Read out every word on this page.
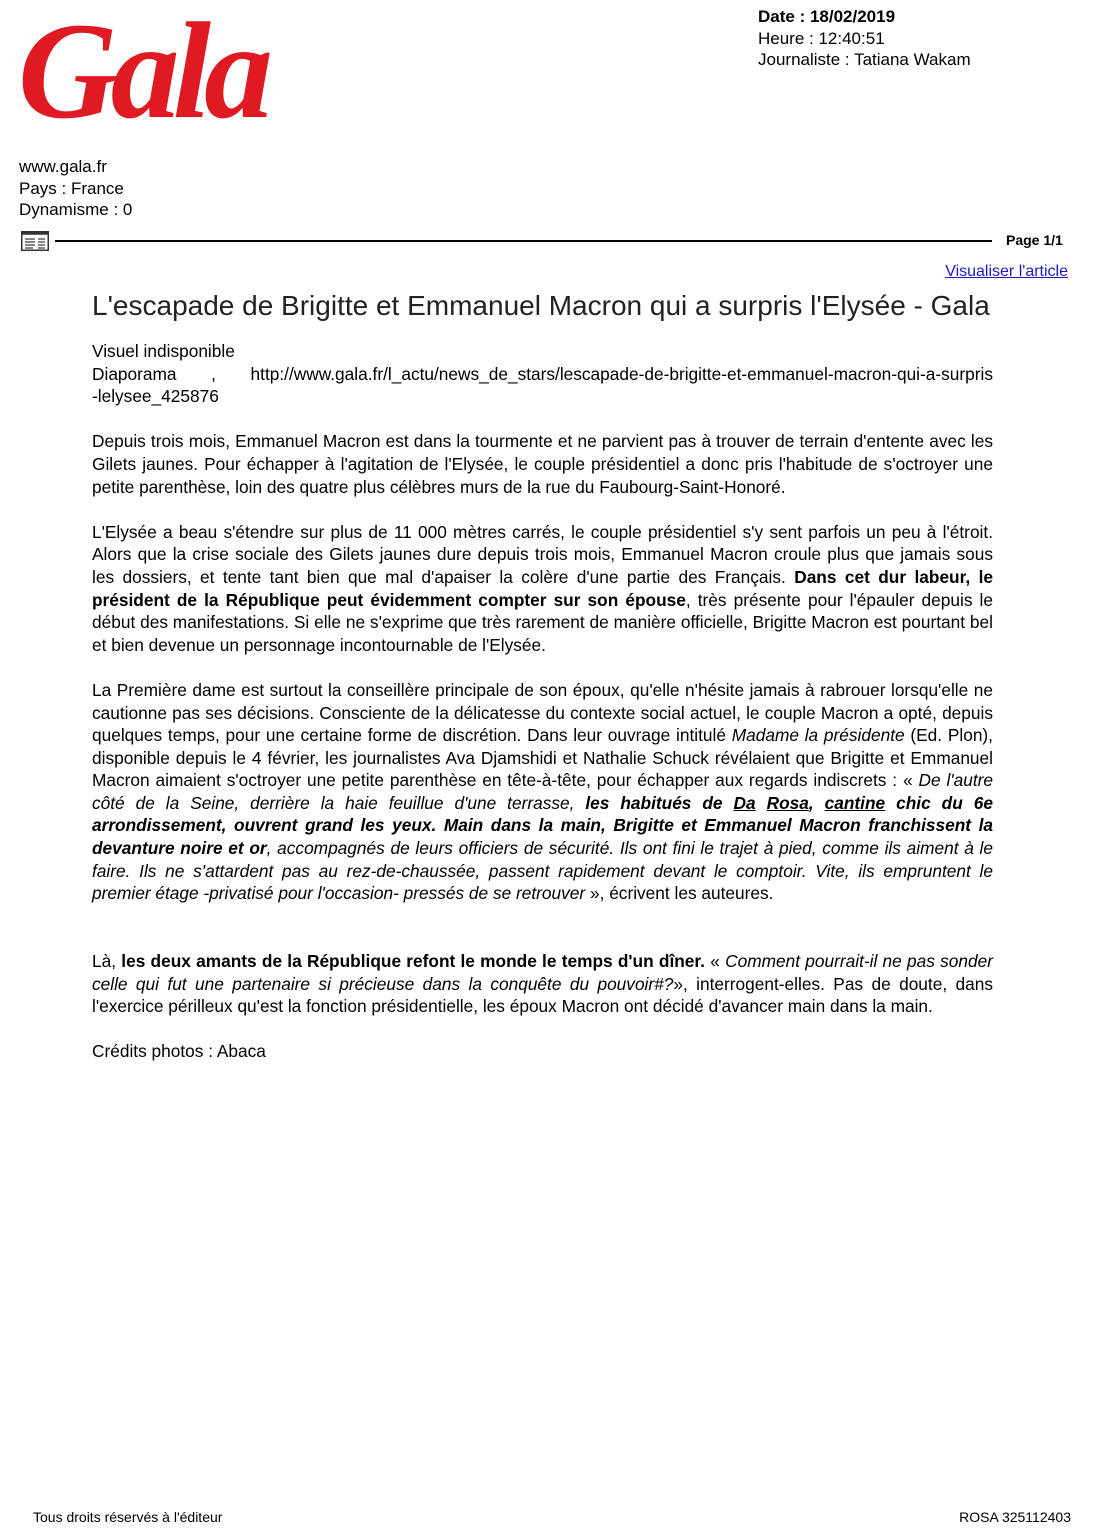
Gala	Date : 18/02/2019
Heure : 12:40:51
Journaliste : Tatiana Wakam
www.gala.fr
Pays : France
Dynamisme : 0
Page 1/1
Visualiser l'article
L'escapade de Brigitte et Emmanuel Macron qui a surpris l'Elysée - Gala

Visuel indisponible

Diaporama , http://www.gala.fr/l_actu/news_de_stars/lescapade-de-brigitte-et-emmanuel-macron-qui-a-surpris-lelysee_425876

Depuis trois mois, Emmanuel Macron est dans la tourmente et ne parvient pas à trouver de terrain d'entente avec les Gilets jaunes. Pour échapper à l'agitation de l'Elysée, le couple présidentiel a donc pris l'habitude de s'octroyer une petite parenthèse, loin des quatre plus célèbres murs de la rue du Faubourg-Saint-Honoré.

L'Elysée a beau s'étendre sur plus de 11 000 mètres carrés, le couple présidentiel s'y sent parfois un peu à l'étroit. Alors que la crise sociale des Gilets jaunes dure depuis trois mois, Emmanuel Macron croule plus que jamais sous les dossiers, et tente tant bien que mal d'apaiser la colère d'une partie des Français. Dans cet dur labeur, le président de la République peut évidemment compter sur son épouse, très présente pour l'épauler depuis le début des manifestations. Si elle ne s'exprime que très rarement de manière officielle, Brigitte Macron est pourtant bel et bien devenue un personnage incontournable de l'Elysée.

La Première dame est surtout la conseillère principale de son époux, qu'elle n'hésite jamais à rabrouer lorsqu'elle ne cautionne pas ses décisions. Consciente de la délicatesse du contexte social actuel, le couple Macron a opté, depuis quelques temps, pour une certaine forme de discrétion. Dans leur ouvrage intitulé Madame la présidente (Ed. Plon), disponible depuis le 4 février, les journalistes Ava Djamshidi et Nathalie Schuck révélaient que Brigitte et Emmanuel Macron aimaient s'octroyer une petite parenthèse en tête-à-tête, pour échapper aux regards indiscrets : « De l'autre côté de la Seine, derrière la haie feuillue d'une terrasse, les habitués de Da Rosa, cantine chic du 6e arrondissement, ouvrent grand les yeux. Main dans la main, Brigitte et Emmanuel Macron franchissent la devanture noire et or, accompagnés de leurs officiers de sécurité. Ils ont fini le trajet à pied, comme ils aiment à le faire. Ils ne s'attardent pas au rez-de-chaussée, passent rapidement devant le comptoir. Vite, ils empruntent le premier étage -privatisé pour l'occasion- pressés de se retrouver », écrivent les auteures.

Là, les deux amants de la République refont le monde le temps d'un dîner. « Comment pourrait-il ne pas sonder celle qui fut une partenaire si précieuse dans la conquête du pouvoir#?», interrogent-elles. Pas de doute, dans l'exercice périlleux qu'est la fonction présidentielle, les époux Macron ont décidé d'avancer main dans la main.

Crédits photos : Abaca

Tous droits réservés à l'éditeur	ROSA 325112403
